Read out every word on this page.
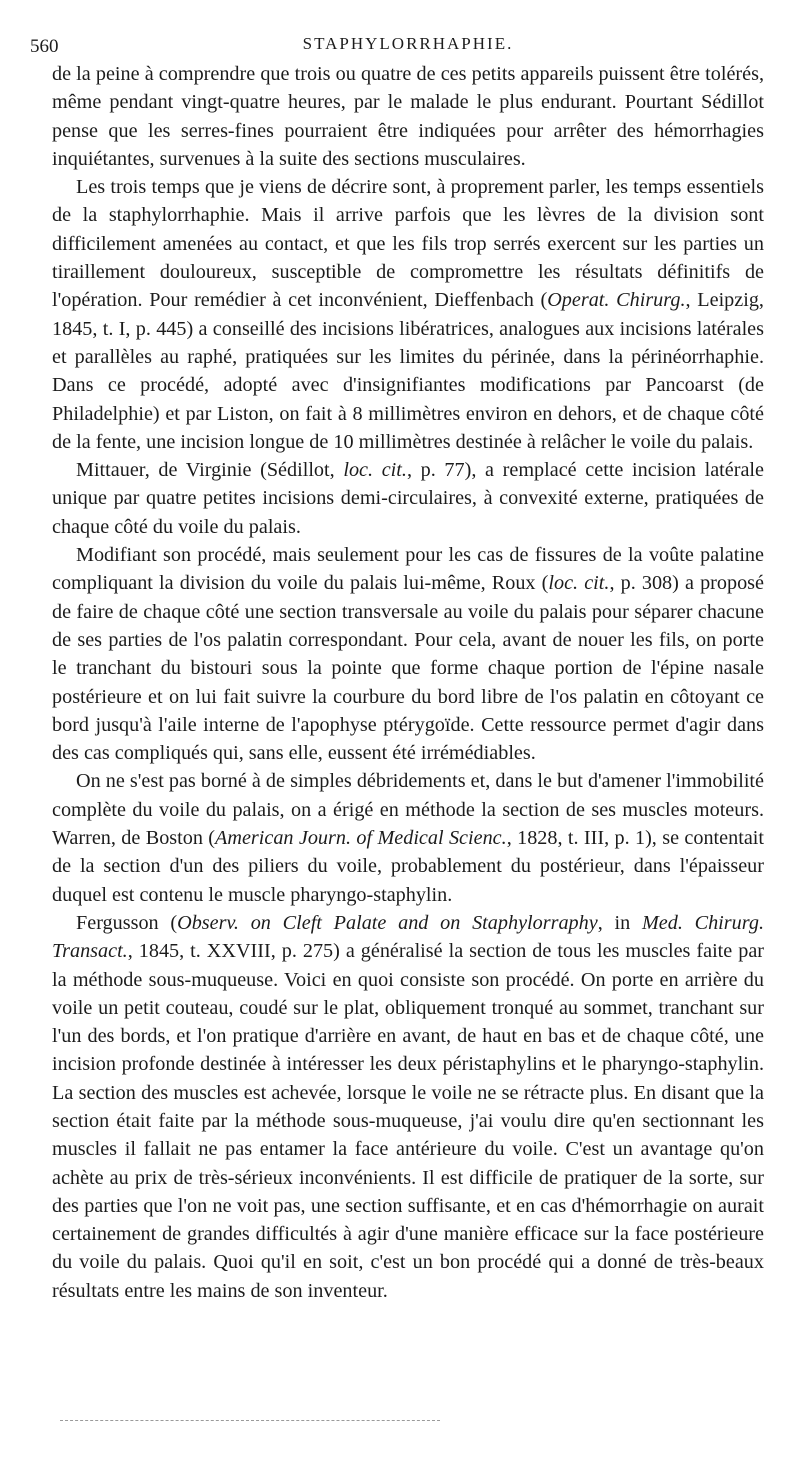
560	STAPHYLORRHAPHIE.

de la peine à comprendre que trois ou quatre de ces petits appareils puissent être tolérés, même pendant vingt-quatre heures, par le malade le plus endurant. Pourtant Sédillot pense que les serres-fines pourraient être indiquées pour arrêter des hémorrhagies inquiétantes, survenues à la suite des sections musculaires.

Les trois temps que je viens de décrire sont, à proprement parler, les temps essentiels de la staphylorrhaphie. Mais il arrive parfois que les lèvres de la division sont difficilement amenées au contact, et que les fils trop serrés exercent sur les parties un tiraillement douloureux, susceptible de compromettre les résultats définitifs de l'opération. Pour remédier à cet inconvénient, Dieffenbach (Operat. Chirurg., Leipzig, 1845, t. I, p. 445) a conseillé des incisions libératrices, analogues aux incisions latérales et parallèles au raphé, pratiquées sur les limites du périnée, dans la périnéorrhaphie. Dans ce procédé, adopté avec d'insignifiantes modifications par Pancoarst (de Philadelphie) et par Liston, on fait à 8 millimètres environ en dehors, et de chaque côté de la fente, une incision longue de 10 millimètres destinée à relâcher le voile du palais.

Mittauer, de Virginie (Sédillot, loc. cit., p. 77), a remplacé cette incision latérale unique par quatre petites incisions demi-circulaires, à convexité externe, pratiquées de chaque côté du voile du palais.

Modifiant son procédé, mais seulement pour les cas de fissures de la voûte palatine compliquant la division du voile du palais lui-même, Roux (loc. cit., p. 308) a proposé de faire de chaque côté une section transversale au voile du palais pour séparer chacune de ses parties de l'os palatin correspondant. Pour cela, avant de nouer les fils, on porte le tranchant du bistouri sous la pointe que forme chaque portion de l'épine nasale postérieure et on lui fait suivre la courbure du bord libre de l'os palatin en côtoyant ce bord jusqu'à l'aile interne de l'apophyse ptérygoïde. Cette ressource permet d'agir dans des cas compliqués qui, sans elle, eussent été irrémédiables.

On ne s'est pas borné à de simples débridements et, dans le but d'amener l'immobilité complète du voile du palais, on a érigé en méthode la section de ses muscles moteurs. Warren, de Boston (American Journ. of Medical Scienc., 1828, t. III, p. 1), se contentait de la section d'un des piliers du voile, probablement du postérieur, dans l'épaisseur duquel est contenu le muscle pharyngo-staphylin.

Fergusson (Observ. on Cleft Palate and on Staphylorraphy, in Med. Chirurg. Transact., 1845, t. XXVIII, p. 275) a généralisé la section de tous les muscles faite par la méthode sous-muqueuse. Voici en quoi consiste son procédé. On porte en arrière du voile un petit couteau, coudé sur le plat, obliquement tronqué au sommet, tranchant sur l'un des bords, et l'on pratique d'arrière en avant, de haut en bas et de chaque côté, une incision profonde destinée à intéresser les deux péristaphylins et le pharyngo-staphylin. La section des muscles est achevée, lorsque le voile ne se rétracte plus. En disant que la section était faite par la méthode sous-muqueuse, j'ai voulu dire qu'en sectionnant les muscles il fallait ne pas entamer la face antérieure du voile. C'est un avantage qu'on achète au prix de très-sérieux inconvénients. Il est difficile de pratiquer de la sorte, sur des parties que l'on ne voit pas, une section suffisante, et en cas d'hémorrhagie on aurait certainement de grandes difficultés à agir d'une manière efficace sur la face postérieure du voile du palais. Quoi qu'il en soit, c'est un bon procédé qui a donné de très-beaux résultats entre les mains de son inventeur.
